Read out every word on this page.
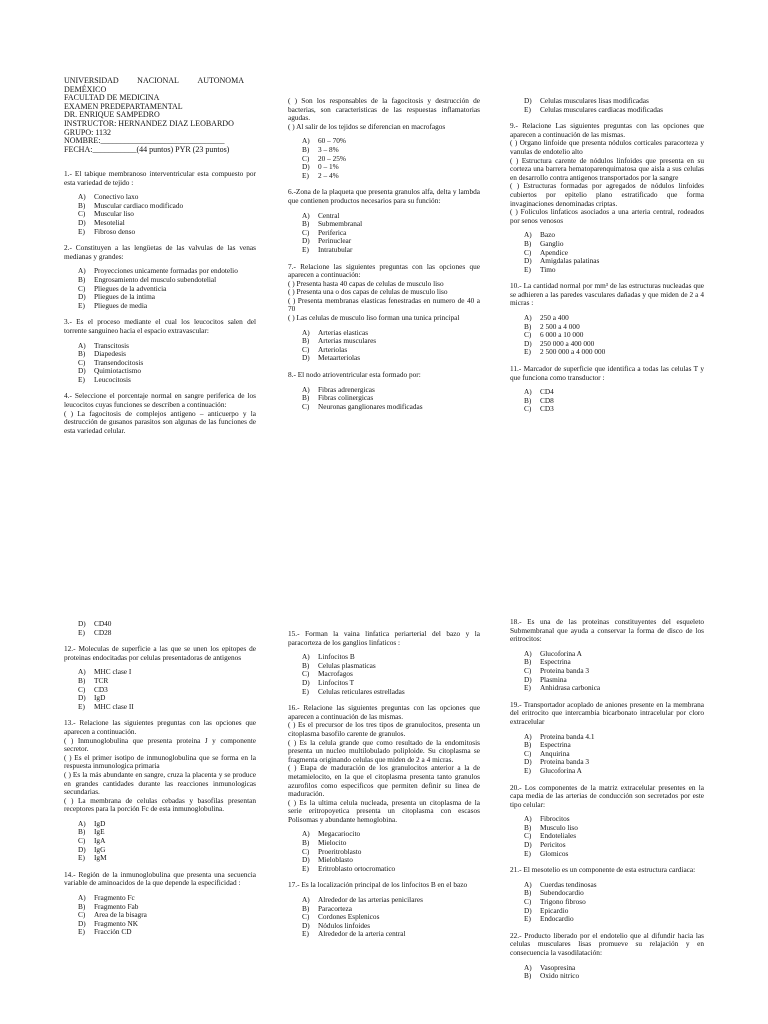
UNIVERSIDAD NACIONAL AUTONOMA
DEMÉXICO
FACULTAD DE MEDICINA
EXAMEN PREDEPARTAMENTAL
DR. ENRIQUE SAMPEDRO
INSTRUCTOR: HERNANDEZ DIAZ LEOBARDO
GRUPO: 1132
NOMBRE:_______________________________
FECHA:___________(44 puntos) PYR (23 puntos)

1.- El tabique membranoso interventricular esta compuesto por esta variedad de tejido :

A)	Conectivo laxo
B)	Muscular cardiaco modificado
C)	Muscular liso
D)	Mesotelial
E)	Fibroso denso

2.- Constituyen a las lengüetas de las valvulas de las venas medianas y grandes:

A)	Proyecciones unicamente formadas por endotelio
B)	Engrosamiento del musculo subendotelial
C)	Pliegues de la adventicia
D)	Pliegues de la intima
E)	Pliegues de media

3.- Es el proceso mediante el cual los leucocitos salen del torrente sanguineo hacia el espacio extravascular:

A)	Transcitosis
B)	Diapedesis
C)	Transendocitosis
D)	Quimiotactismo
E)	Leucocitosis

4.- Seleccione el porcentaje normal en sangre periferica de los leucocitos cuyas funciones se describen a continuación:

( ) La fagocitosis de complejos antigeno – anticuerpo y la destrucción de gusanos parasitos son algunas de las funciones de esta variedad celular.

( ) Son los responsables de la fagocitosis y destrucción de bacterias, son caracteristicas de las respuestas inflamatorias agudas.

( ) Al salir de los tejidos se diferencian en macrofagos

A)	60 – 70%
B)	3 – 8%
C)	20 – 25%
D)	0 – 1%
E)	2 – 4%

6.-Zona de la plaqueta que presenta granulos alfa, delta y lambda que contienen productos necesarios para su función:

A)	Central
B)	Submembranal
C)	Periferica
D)	Perinuclear
E)	Intratubular

7.- Relacione las siguientes preguntas con las opciones que aparecen a continuación:

( ) Presenta hasta 40 capas de celulas de musculo liso

( ) Presenta una o dos capas de celulas de musculo liso

( ) Presenta membranas elasticas fenestradas en numero de 40 a 70

( ) Las celulas de musculo liso forman una tunica principal

A)	Arterias elasticas
B)	Arterias musculares
C)	Arteriolas
D)	Metaarteriolas

8.- El nodo atrioventricular esta formado por:

A)	Fibras adrenergicas
B)	Fibras colinergicas
C)	Neuronas ganglionares modificadas
D)	Celulas musculares lisas modificadas
E)	Celulas musculares cardiacas modificadas

9.- Relacione Las siguientes preguntas con las opciones que aparecen a continuación de las mismas.

( ) Organo linfoide que presenta nódulos corticales paracorteza y vanulas de endotelio alto

( ) Estructura carente de nódulos linfoides que presenta en su corteza una barrera hematoparenquimatosa que aisla a sus celulas en desarrollo contra antigenos transportados por la sangre

( ) Estructuras formadas por agregados de nódulos linfoides cubiertos por epitelio plano estratificado que forma invaginaciones denominadas criptas.

( ) Foliculos linfaticos asociados a una arteria central, rodeados por senos venosos

A)	Bazo
B)	Ganglio
C)	Apendice
D)	Amigdalas palatinas
E)	Timo

10.- La cantidad normal por mm³ de las estructuras nucleadas que se adhieren a las paredes vasculares dañadas y que miden de 2 a 4 micras :

A)	250 a 400
B)	2 500 a 4 000
C)	6 000 a 10 000
D)	250 000 a 400 000
E)	2 500 000 a 4 000 000

11.- Marcador de superficie que identifica a todas las celulas T y que funciona como transductor :

A)	CD4
B)	CD8
C)	CD3
D)	CD40
E)	CD28

12.- Moleculas de superficie a las que se unen los epitopes de proteinas endocitadas por celulas presentadoras de antigenos

A)	MHC clase I
B)	TCR
C)	CD3
D)	IgD
E)	MHC clase II

13.- Relacione las siguientes preguntas con las opciones que aparecen a continuación.

( ) Inmunoglobulina que presenta proteina J y componente secretor.

( ) Es el primer isotipo de inmunoglobulina que se forma en la respuesta inmunologica primaria

( ) Es la más abundante en sangre, cruza la placenta y se produce en grandes cantidades durante las reacciones inmunologicas secundarias.

( ) La membrana de celulas cebadas y basofilas presentan receptores para la porción Fc de esta inmunoglobulina.

A)	IgD
B)	IgE
C)	IgA
D)	IgG
E)	IgM

14.- Región de la inmunoglobulina que presenta una secuencia variable de aminoacidos de la que depende la especificidad :

A)	Fragmento Fc
B)	Fragmento Fab
C)	Area de la bisagra
D)	Fragmento NK
E)	Fracción CD

15.- Forman la vaina linfatica periarterial del bazo y la paracorteza de los ganglios linfaticos :

A)	Linfocitos B
B)	Celulas plasmaticas
C)	Macrofagos
D)	Linfocitos T
E)	Celulas reticulares estrelladas

16.- Relacione las siguientes preguntas con las opciones que aparecen a continuación de las mismas.

( ) Es el precursor de los tres tipos de granulocitos, presenta un citoplasma basofilo carente de granulos.

( ) Es la celula grande que como resultado de la endomitosis presenta un nucleo multilobulado poliploide. Su citoplasma se fragmenta originando celulas que miden de 2 a 4 micras.

( ) Etapa de maduración de los granulocitos anterior a la de metamielocito, en la que el citoplasma presenta tanto granulos azurofilos como especificos que permiten definir su linea de maduración.

( ) Es la ultima celula nucleada, presenta un citoplasma de la serie eritropoyetica presenta un citoplasma con escasos Polisomas y abundante hemoglobina.

A)	Megacariocito
B)	Mielocito
C)	Proeritroblasto
D)	Mieloblasto
E)	Eritroblasto ortocromatico

17.- Es la localización principal de los linfocitos B en el bazo

A)	Alrededor de las arterias penicilares
B)	Paracorteza
C)	Cordones Esplenicos
D)	Nódulos linfoides
E)	Alrededor de la arteria central

18.- Es una de las proteinas constituyentes del esqueleto Submembranal que ayuda a conservar la forma de disco de los eritrocitos:

A)	Glucoforina A
B)	Espectrina
C)	Proteina banda 3
D)	Plasmina
E)	Anhidrasa carbonica

19.- Transportador acoplado de aniones presente en la membrana del eritrocito que intercambia bicarbonato intracelular por cloro extracelular

A)	Proteina banda 4.1
B)	Espectrina
C)	Anquirina
D)	Proteina banda 3
E)	Glucoforina A

20.- Los componentes de la matriz extracelular presentes en la capa media de las arterias de conducción son secretados por este tipo celular:

A)	Fibrocitos
B)	Musculo liso
C)	Endoteliales
D)	Pericitos
E)	Glomicos

21.- El mesotelio es un componente de esta estructura cardiaca:

A)	Cuerdas tendinosas
B)	Subendocardio
C)	Trigono fibroso
D)	Epicardio
E)	Endocardio

22.- Producto liberado por el endotelio que al difundir hacia las celulas musculares lisas promueve su relajación y en consecuencia la vasodilatación:

A)	Vasopresina
B)	Oxido nitrico
